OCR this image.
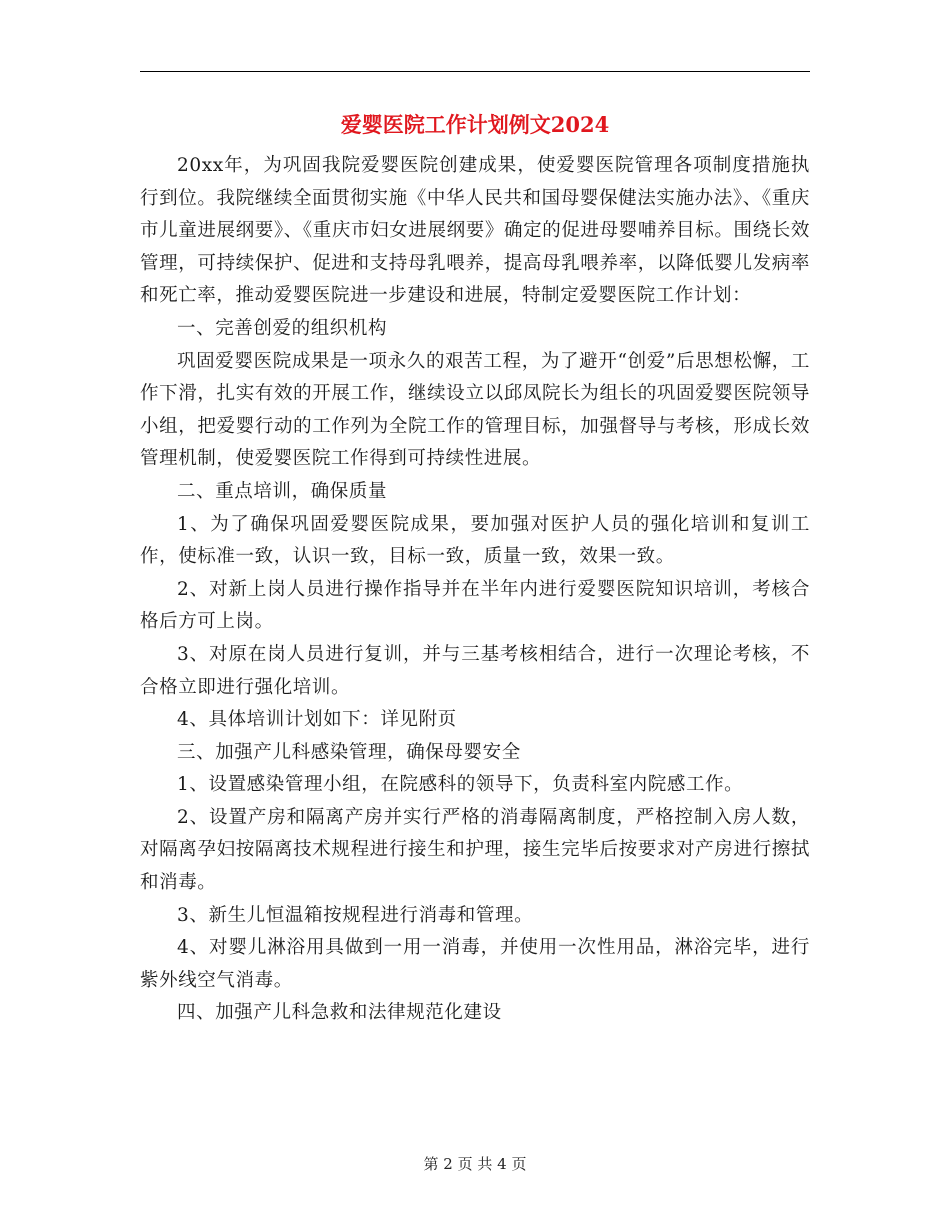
爱婴医院工作计划例文2024

20xx年，为巩固我院爱婴医院创建成果，使爱婴医院管理各项制度措施执行到位。我院继续全面贯彻实施《中华人民共和国母婴保健法实施办法》、《重庆市儿童进展纲要》、《重庆市妇女进展纲要》确定的促进母婴哺养目标。围绕长效管理，可持续保护、促进和支持母乳喂养，提高母乳喂养率，以降低婴儿发病率和死亡率，推动爱婴医院进一步建设和进展，特制定爱婴医院工作计划：

一、完善创爱的组织机构

巩固爱婴医院成果是一项永久的艰苦工程，为了避开“创爱”后思想松懈，工作下滑，扎实有效的开展工作，继续设立以邱凤院长为组长的巩固爱婴医院领导小组，把爱婴行动的工作列为全院工作的管理目标，加强督导与考核，形成长效管理机制，使爱婴医院工作得到可持续性进展。

二、重点培训，确保质量

1、为了确保巩固爱婴医院成果，要加强对医护人员的强化培训和复训工作，使标准一致，认识一致，目标一致，质量一致，效果一致。

2、对新上岗人员进行操作指导并在半年内进行爱婴医院知识培训，考核合格后方可上岗。

3、对原在岗人员进行复训，并与三基考核相结合，进行一次理论考核，不合格立即进行强化培训。

4、具体培训计划如下：详见附页

三、加强产儿科感染管理，确保母婴安全

1、设置感染管理小组，在院感科的领导下，负责科室内院感工作。

2、设置产房和隔离产房并实行严格的消毒隔离制度，严格控制入房人数，对隔离孕妇按隔离技术规程进行接生和护理，接生完毕后按要求对产房进行擦拭和消毒。

3、新生儿恒温箱按规程进行消毒和管理。

4、对婴儿淋浴用具做到一用一消毒，并使用一次性用品，淋浴完毕，进行紫外线空气消毒。

四、加强产儿科急救和法律规范化建设

第 2 页 共 4 页
